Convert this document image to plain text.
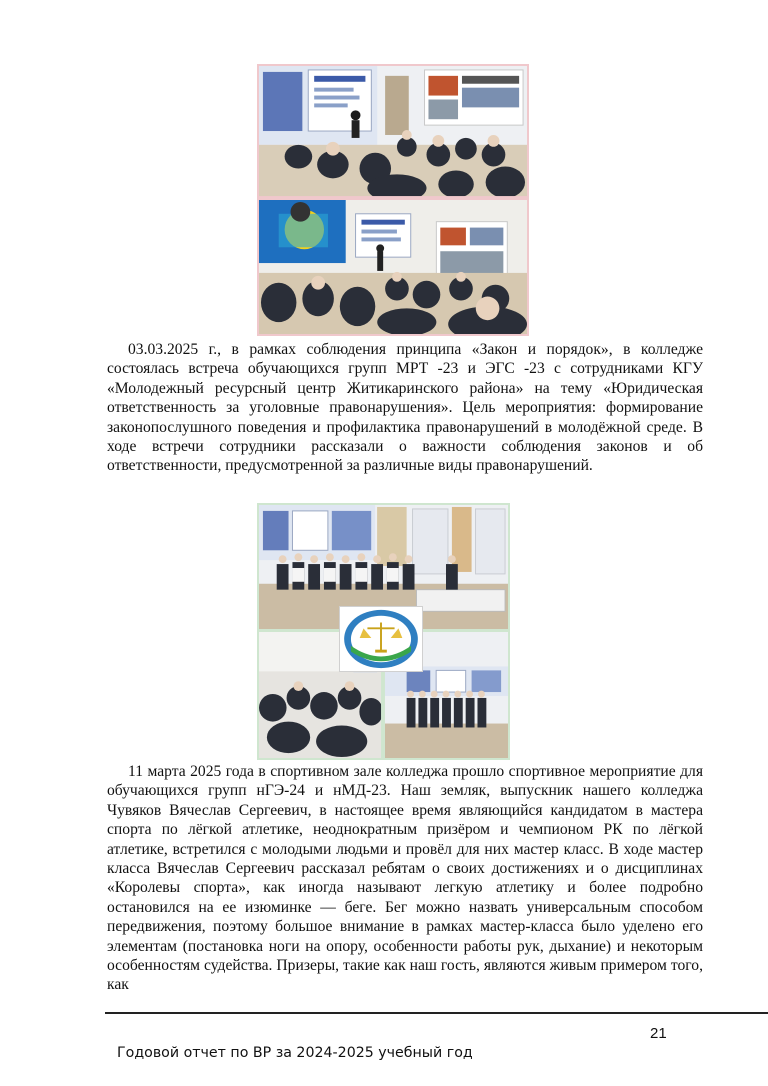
03.03.2025 г., в рамках соблюдения принципа «Закон и порядок», в колледже состоялась встреча обучающихся групп МРТ -23 и ЭГС -23 с сотрудниками КГУ «Молодежный ресурсный центр Житикаринского района» на тему «Юридическая ответственность за уголовные правонарушения». Цель мероприятия: формирование законопослушного поведения и профилактика правонарушений в молодёжной среде. В ходе встречи сотрудники рассказали о важности соблюдения законов и об ответственности, предусмотренной за различные виды правонарушений.

11 марта 2025 года в спортивном зале колледжа прошло спортивное мероприятие для обучающихся групп нГЭ-24 и нМД-23. Наш земляк, выпускник нашего колледжа Чувяков Вячеслав Сергеевич, в настоящее время являющийся кандидатом в мастера спорта по лёгкой атлетике, неоднократным призёром и чемпионом РК по лёгкой атлетике, встретился с молодыми людьми и провёл для них мастер класс. В ходе мастер класса Вячеслав Сергеевич рассказал ребятам о своих достижениях и о дисциплинах «Королевы спорта», как иногда называют легкую атлетику и более подробно остановился на ее изюминке — беге. Бег можно назвать универсальным способом передвижения, поэтому большое внимание в рамках мастер-класса было уделено его элементам (постановка ноги на опору, особенности работы рук, дыхание) и некоторым особенностям судейства. Призеры, такие как наш гость, являются живым примером того, как

21
Годовой отчет по ВР за 2024-2025 учебный год
